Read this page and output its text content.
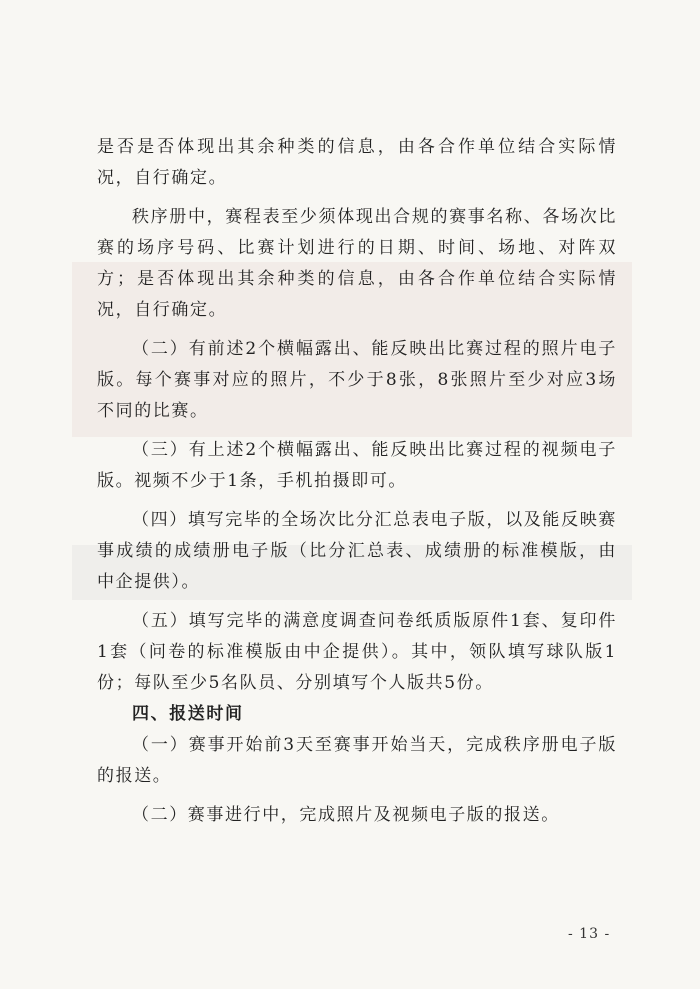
是否是否体现出其余种类的信息，由各合作单位结合实际情况，自行确定。

秩序册中，赛程表至少须体现出合规的赛事名称、各场次比赛的场序号码、比赛计划进行的日期、时间、场地、对阵双方；是否体现出其余种类的信息，由各合作单位结合实际情况，自行确定。

（二）有前述2个横幅露出、能反映出比赛过程的照片电子版。每个赛事对应的照片，不少于8张，8张照片至少对应3场不同的比赛。

（三）有上述2个横幅露出、能反映出比赛过程的视频电子版。视频不少于1条，手机拍摄即可。

（四）填写完毕的全场次比分汇总表电子版，以及能反映赛事成绩的成绩册电子版（比分汇总表、成绩册的标准模版，由中企提供）。

（五）填写完毕的满意度调查问卷纸质版原件1套、复印件1套（问卷的标准模版由中企提供）。其中，领队填写球队版1份；每队至少5名队员、分别填写个人版共5份。

四、报送时间

（一）赛事开始前3天至赛事开始当天，完成秩序册电子版的报送。

（二）赛事进行中，完成照片及视频电子版的报送。

- 13 -
